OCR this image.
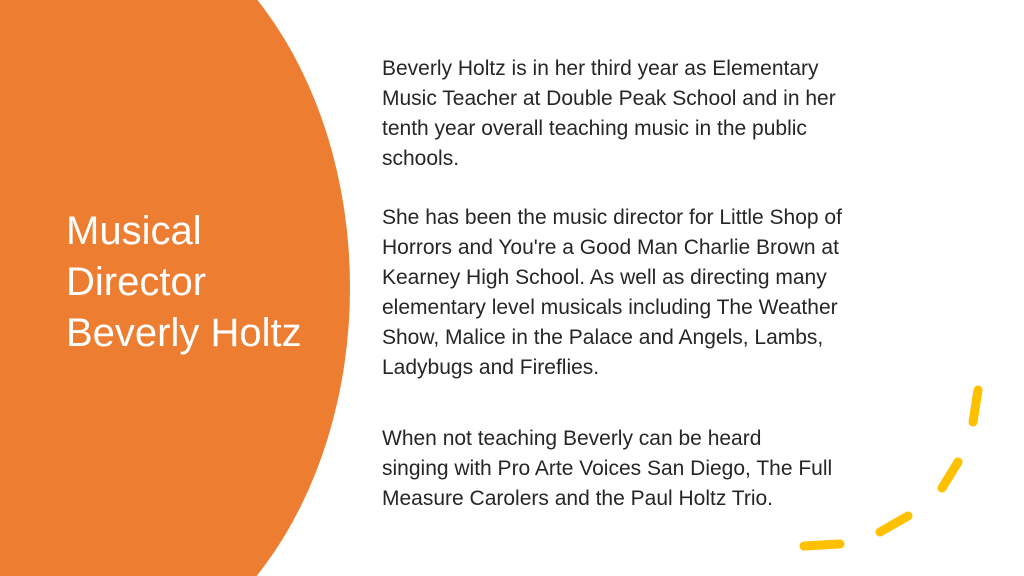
Musical
Director
Beverly Holtz

Beverly Holtz is in her third year as Elementary
Music Teacher at Double Peak School and in her
tenth year overall teaching music in the public
schools.

She has been the music director for Little Shop of
Horrors and You're a Good Man Charlie Brown at
Kearney High School. As well as directing many
elementary level musicals including The Weather
Show, Malice in the Palace and Angels, Lambs,
Ladybugs and Fireflies.

When not teaching Beverly can be heard
singing with Pro Arte Voices San Diego, The Full
Measure Carolers and the Paul Holtz Trio.
